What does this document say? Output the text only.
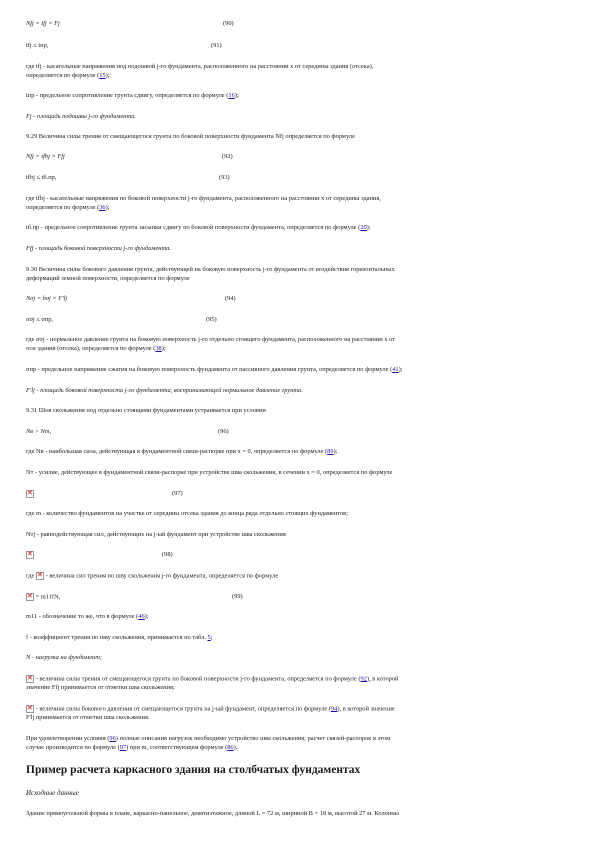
Nfj = tfj × Fj	(90)
tfj ≤ tпр,	(91)
где tfj - касательные напряжения под подошвой j-го фундамента, расположенного на расстоянии x от середины здания (отсека),
определяется по формуле (15);
tпр - предельное сопротивление грунта сдвигу, определяется по формуле (16);
Fj - площадь подошвы j-го фундамента.
9.29 Величина силы трения от смещающегося грунта по боковой поверхности фундамента Nfj определяется по формуле
Nfj = tfbj × Ffj	(92)
tfbj ≤ tб.пр,	(93)
где tfbj - касательные напряжения по боковой поверхности j-го фундамента, расположенного на расстоянии x от середины здания,
определяется по формуле (36);
tб.пр - предельное сопротивление грунта засыпки сдвигу по боковой поверхности фундамента, определяется по формуле (20);
Ffj - площадь боковой поверхности j-го фундамента.
9.30 Величина силы бокового давления грунта, действующей на боковую поверхность j-го фундамента от воздействия горизонтальных
деформаций земной поверхности, определяется по формуле
Nσj = bσj × F'lj	(94)
σσj ≤ σпр,	(95)
где σσj - нормальное давление грунта на боковую поверхность j-го отдельно стоящего фундамента, расположенного на расстоянии x от
оси здания (отсека), определяется по формуле (38);
σпр - предельное напряжение сжатия на боковую поверхность фундамента от пассивного давления грунта, определяется по формуле (41);
F'lj - площадь боковой поверхности j-го фундамента, воспринимающей нормальное давление грунта.
9.31 Шов скольжения под отдельно стоящими фундаментами устраивается при условии
Nв > Nт,	(96)
где Nв - наибольшая сила, действующая в фундаментной связи-распорке при x = 0, определяется по формуле (89);
Nт - усилие, действующее в фундаментной связи-распорке при устройстве шва скольжения, в сечении x = 0, определяется по формуле
✕
(97)
где m - количество фундаментов на участке от середины отсека здания до конца ряда отдельно стоящих фундаментов;
Nтj - равнодействующая сил, действующих на j-ый фундамент при устройстве шва скольжения
✕
(98)
где ✕ - величина сил трения по шву скольжения j-го фундамента, определяется по формуле
✕ = m11fN,	(99)
m11 - обозначение то же, что в формуле (46);
f - коэффициент трения по шву скольжения, принимается по табл. 5;
N - нагрузка на фундамент;
✕ - величина силы трения от смещающегося грунта по боковой поверхности j-го фундамента, определяется по формуле (92), в которой
значение Ffj принимается от отметки шва скольжения;
✕ - величина силы бокового давления от смещающегося грунта на j-ый фундамент, определяется по формуле (94), в которой значение
F'lj принимается от отметки шва скольжения.
При удовлетворении условия (96) полные описания нагрузок необходимо устройство шва скольжения; расчет связей-распорок в этом
случае производится по формуле (97) при m, соответствующем формуле (86).
Пример расчета каркасного здания на столбчатых фундаментах
Исходные данные
Здание прямоугольной формы в плане, каркасно-панельное, девятиэтажное, длиной L = 72 м, шириной B = 18 м, высотой 27 м. Колонны
